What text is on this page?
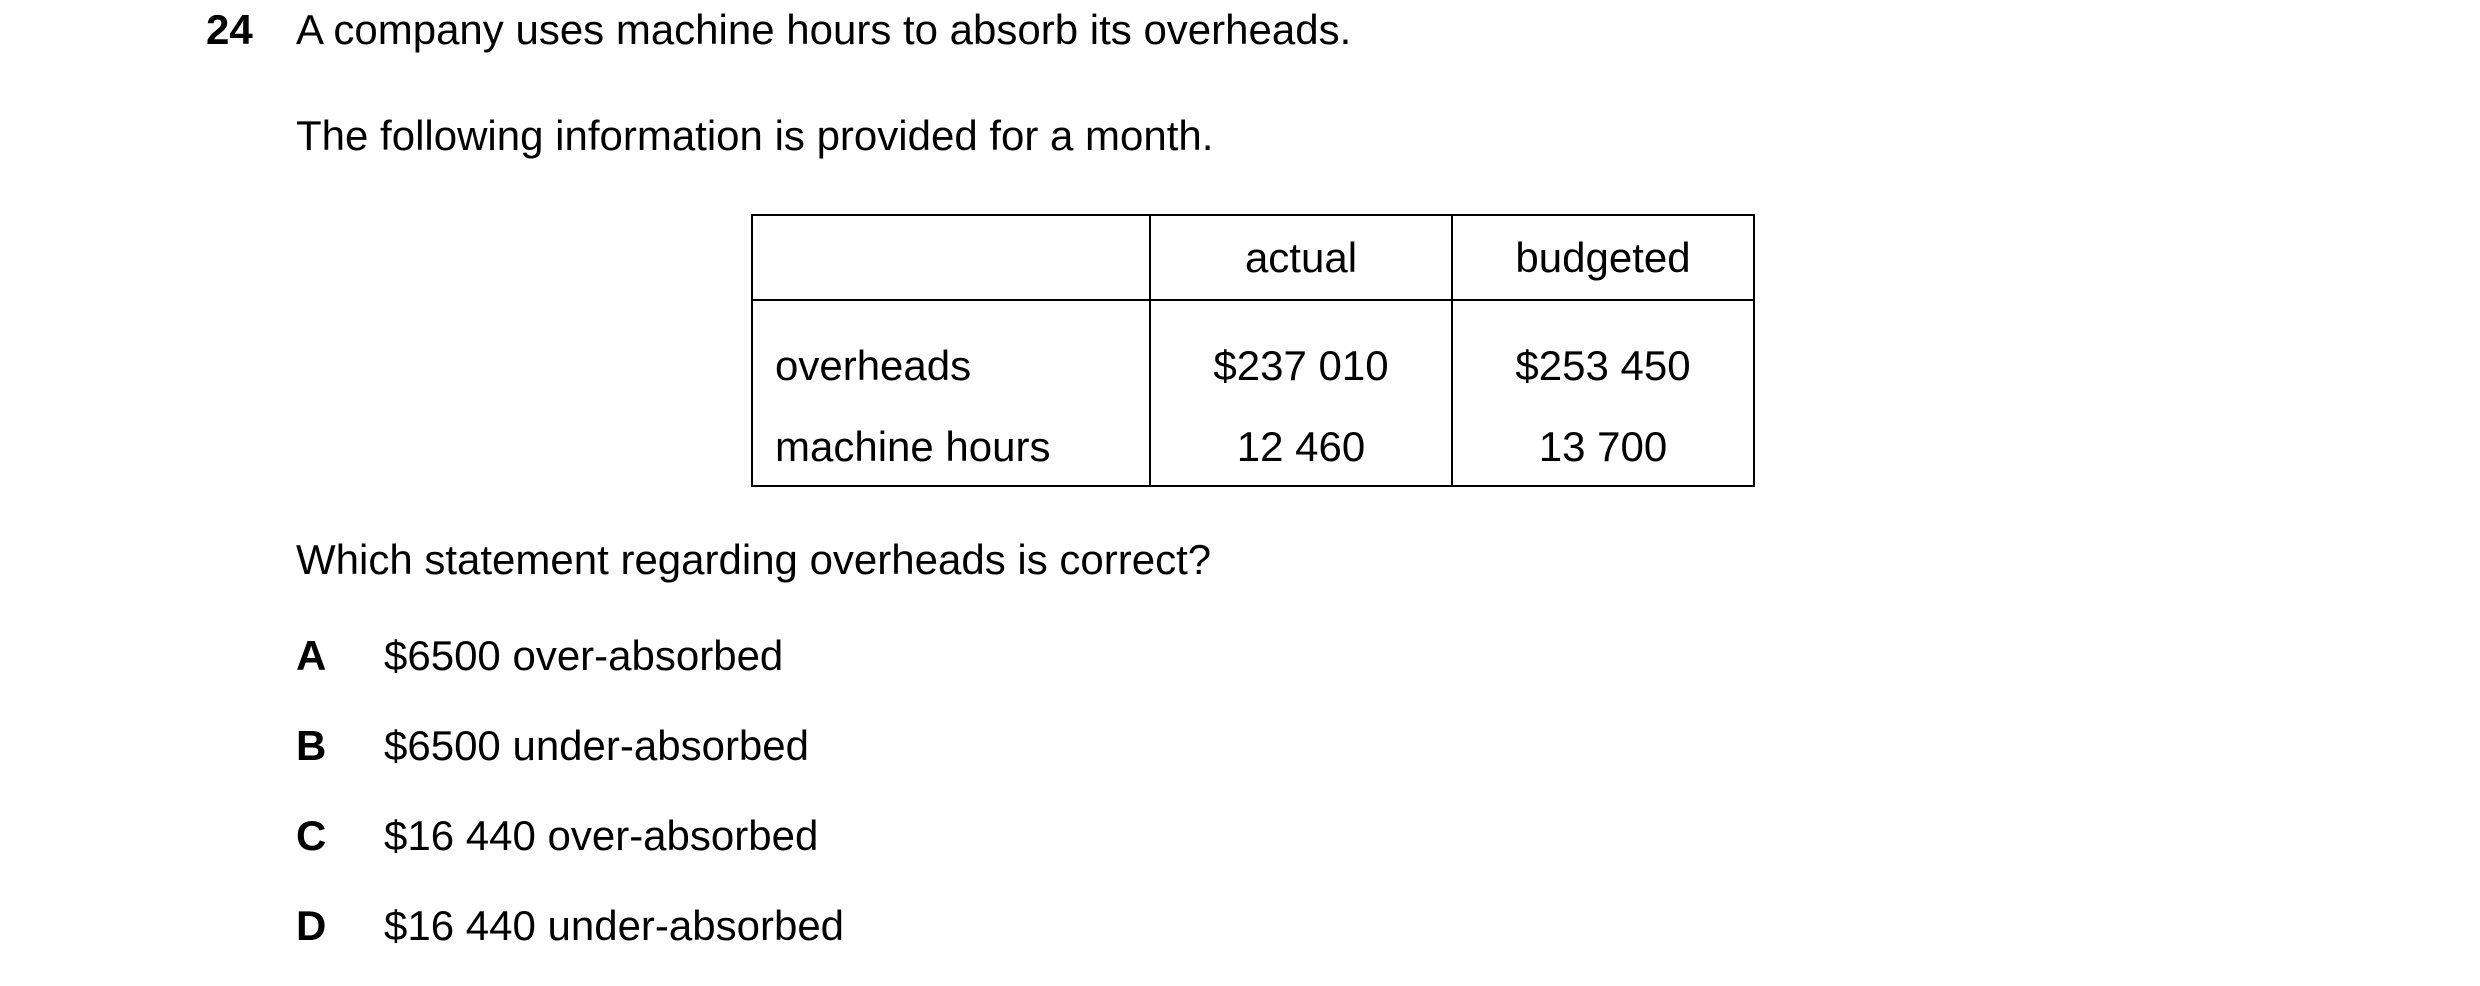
24 A company uses machine hours to absorb its overheads.
The following information is provided for a month.
	actual	budgeted
overheads	$237 010	$253 450
machine hours	12 460	13 700
Which statement regarding overheads is correct?
A $6500 over-absorbed
B $6500 under-absorbed
C $16 440 over-absorbed
D $16 440 under-absorbed
